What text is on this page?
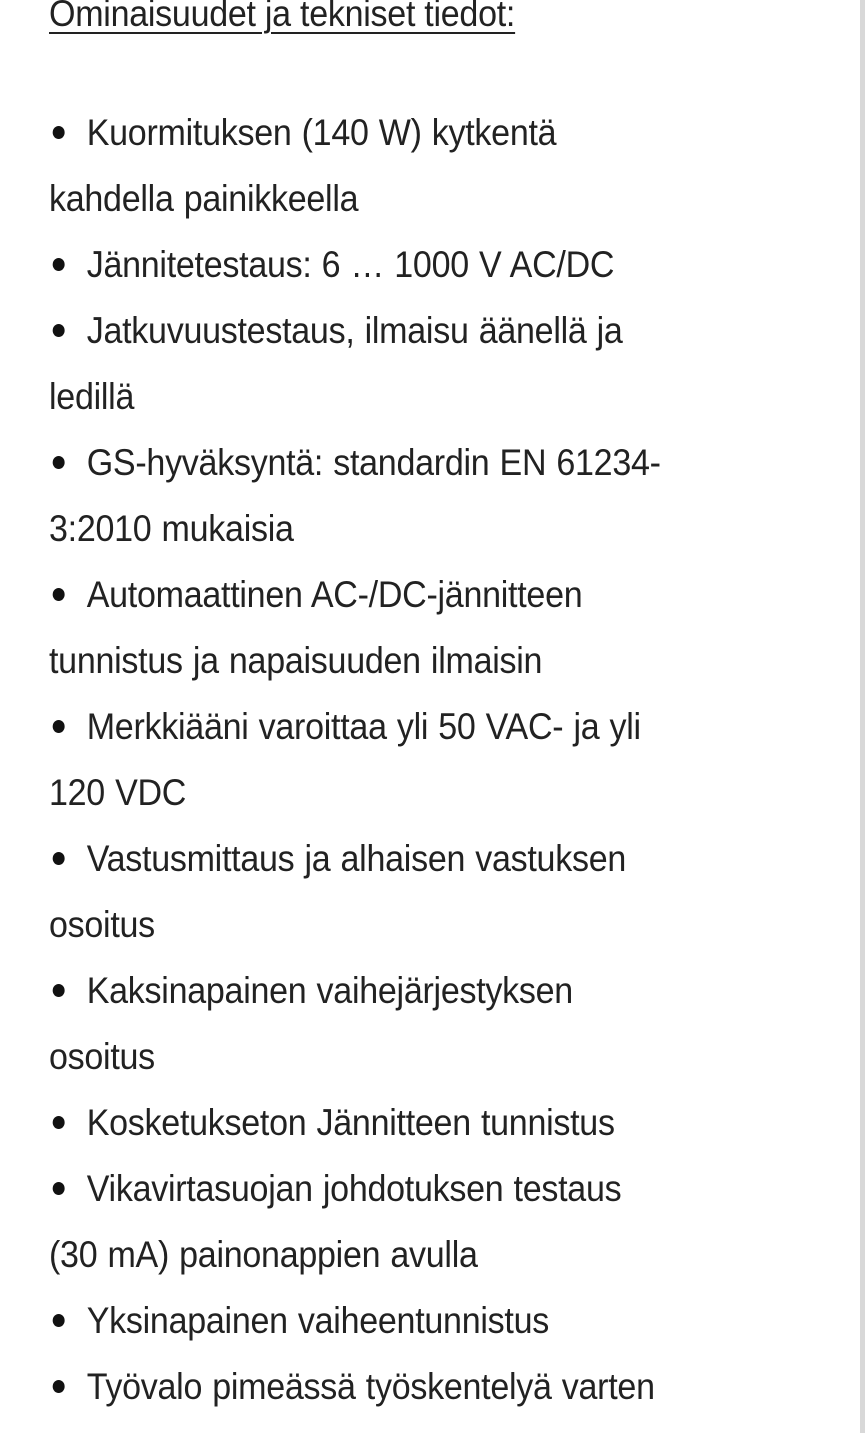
Ominaisuudet ja tekniset tiedot:
Kuormituksen (140 W) kytkentä
kahdella painikkeella
Jännitetestaus: 6 … 1000 V AC/DC
Jatkuvuustestaus, ilmaisu äänellä ja
ledillä
GS-hyväksyntä: standardin EN 61234-
3:2010 mukaisia
Automaattinen AC-/DC-jännitteen
tunnistus ja napaisuuden ilmaisin
Merkkiääni varoittaa yli 50 VAC- ja yli
120 VDC
Vastusmittaus ja alhaisen vastuksen
osoitus
Kaksinapainen vaihejärjestyksen
osoitus
Kosketukseton Jännitteen tunnistus
Vikavirtasuojan johdotuksen testaus
(30 mA) painonappien avulla
Yksinapainen vaiheentunnistus
Työvalo pimeässä työskentelyä varten
